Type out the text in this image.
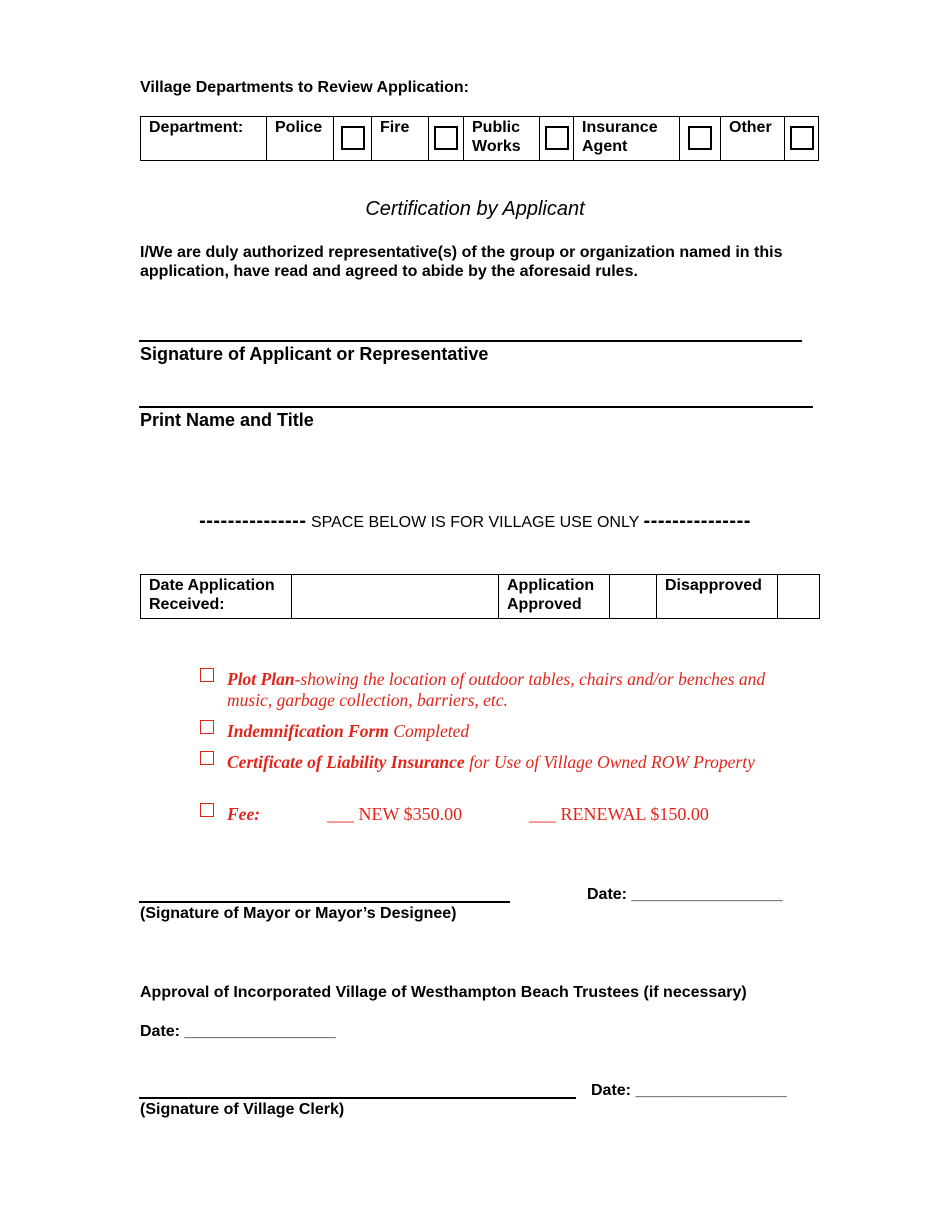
Village Departments to Review Application:
Department:	Police		Fire		Public Works		Insurance Agent		Other	
Certification by Applicant
I/We are duly authorized representative(s) of the group or organization named in this application, have read and agreed to abide by the aforesaid rules.
Signature of Applicant or Representative
Print Name and Title
--------------- SPACE BELOW IS FOR VILLAGE USE ONLY ---------------
Date Application Received:		Application Approved		Disapproved	
Plot Plan-showing the location of outdoor tables, chairs and/or benches and music, garbage collection, barriers, etc.
Indemnification Form Completed
Certificate of Liability Insurance for Use of Village Owned ROW Property
Fee:	___ NEW $350.00	___ RENEWAL $150.00
(Signature of Mayor or Mayor’s Designee)
Date: _________________
Approval of Incorporated Village of Westhampton Beach Trustees (if necessary)
Date: _________________
(Signature of Village Clerk)
Date: _________________
